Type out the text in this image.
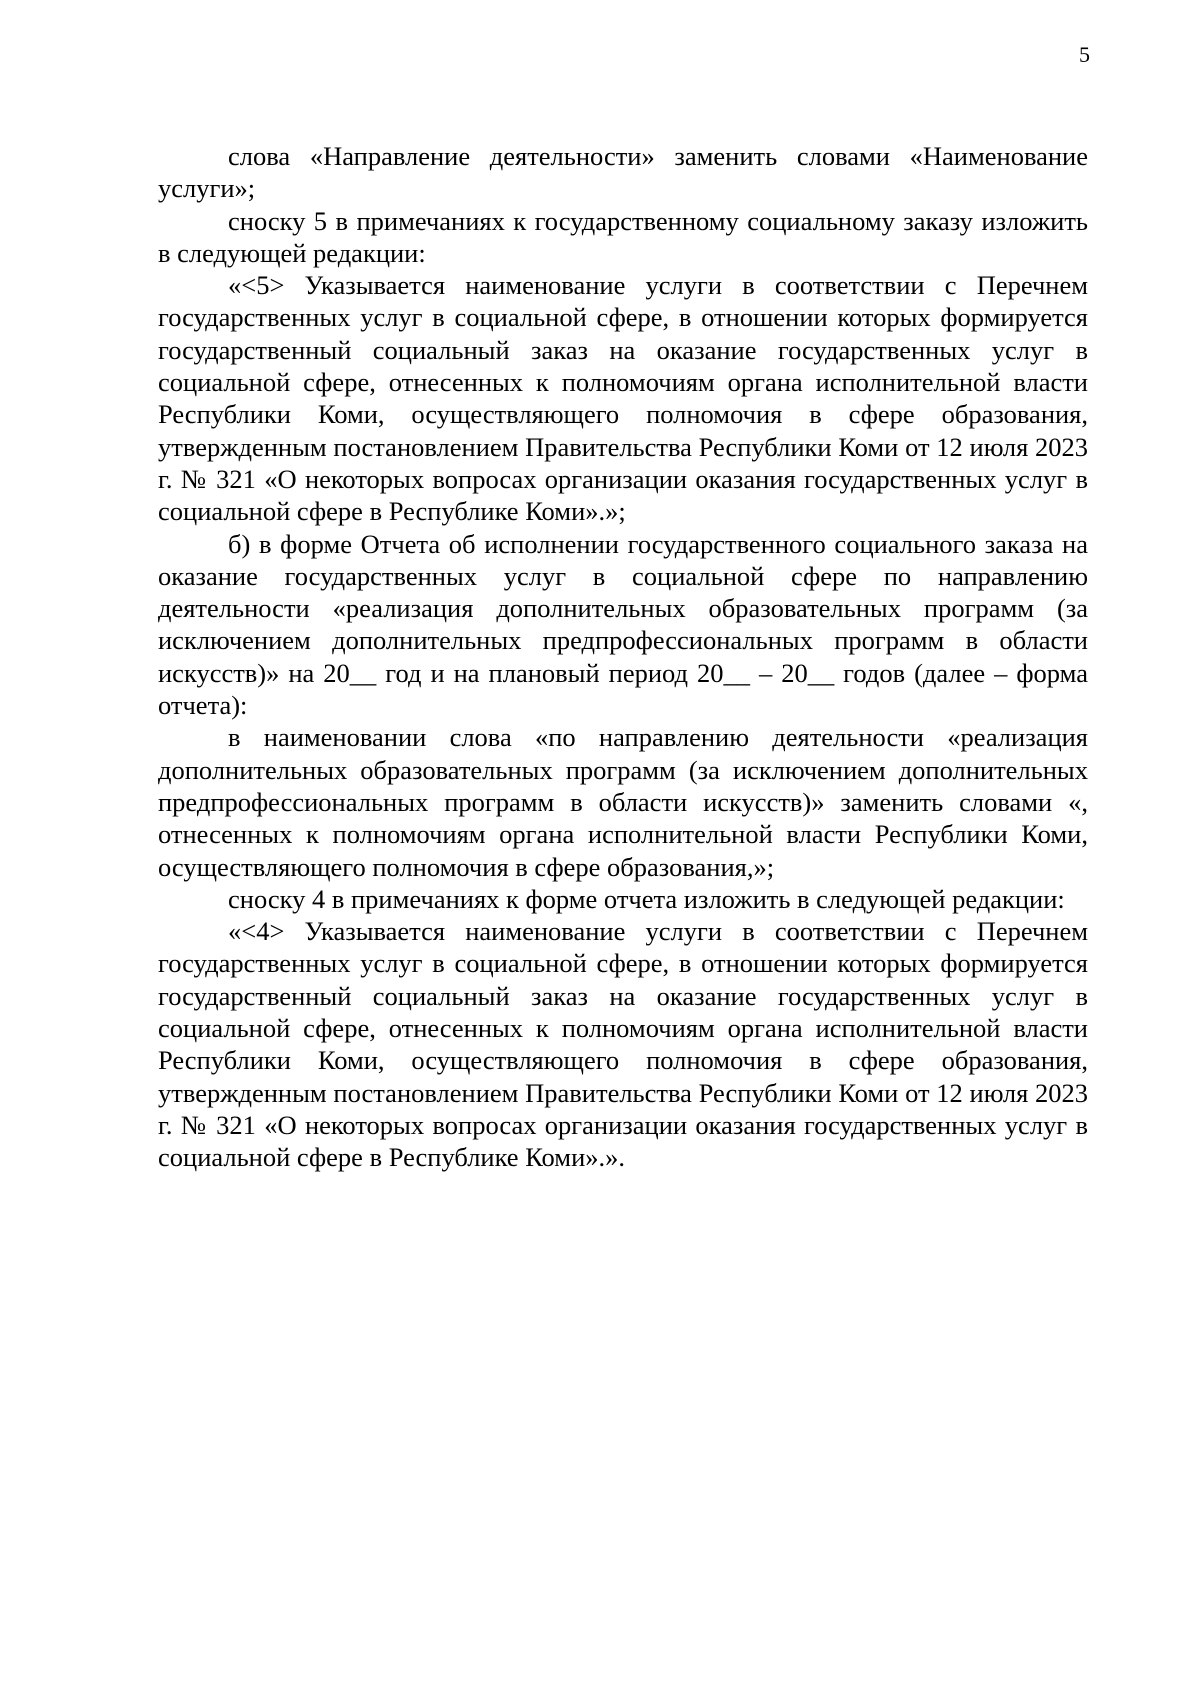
5

слова «Направление деятельности» заменить словами «Наименование услуги»;

сноску 5 в примечаниях к государственному социальному заказу изложить в следующей редакции:

«<5> Указывается наименование услуги в соответствии с Перечнем государственных услуг в социальной сфере, в отношении которых формируется государственный социальный заказ на оказание государственных услуг в социальной сфере, отнесенных к полномочиям органа исполнительной власти Республики Коми, осуществляющего полномочия в сфере образования, утвержденным постановлением Правительства Республики Коми от 12 июля 2023 г. № 321 «О некоторых вопросах организации оказания государственных услуг в социальной сфере в Республике Коми».»;

б) в форме Отчета об исполнении государственного социального заказа на оказание государственных услуг в социальной сфере по направлению деятельности «реализация дополнительных образовательных программ (за исключением дополнительных предпрофессиональных программ в области искусств)» на 20__ год и на плановый период 20__ – 20__ годов (далее – форма отчета):

в наименовании слова «по направлению деятельности «реализация дополнительных образовательных программ (за исключением дополнительных предпрофессиональных программ в области искусств)» заменить словами «, отнесенных к полномочиям органа исполнительной власти Республики Коми, осуществляющего полномочия в сфере образования,»;

сноску 4 в примечаниях к форме отчета изложить в следующей редакции:

«<4> Указывается наименование услуги в соответствии с Перечнем государственных услуг в социальной сфере, в отношении которых формируется государственный социальный заказ на оказание государственных услуг в социальной сфере, отнесенных к полномочиям органа исполнительной власти Республики Коми, осуществляющего полномочия в сфере образования, утвержденным постановлением Правительства Республики Коми от 12 июля 2023 г. № 321 «О некоторых вопросах организации оказания государственных услуг в социальной сфере в Республике Коми».».
